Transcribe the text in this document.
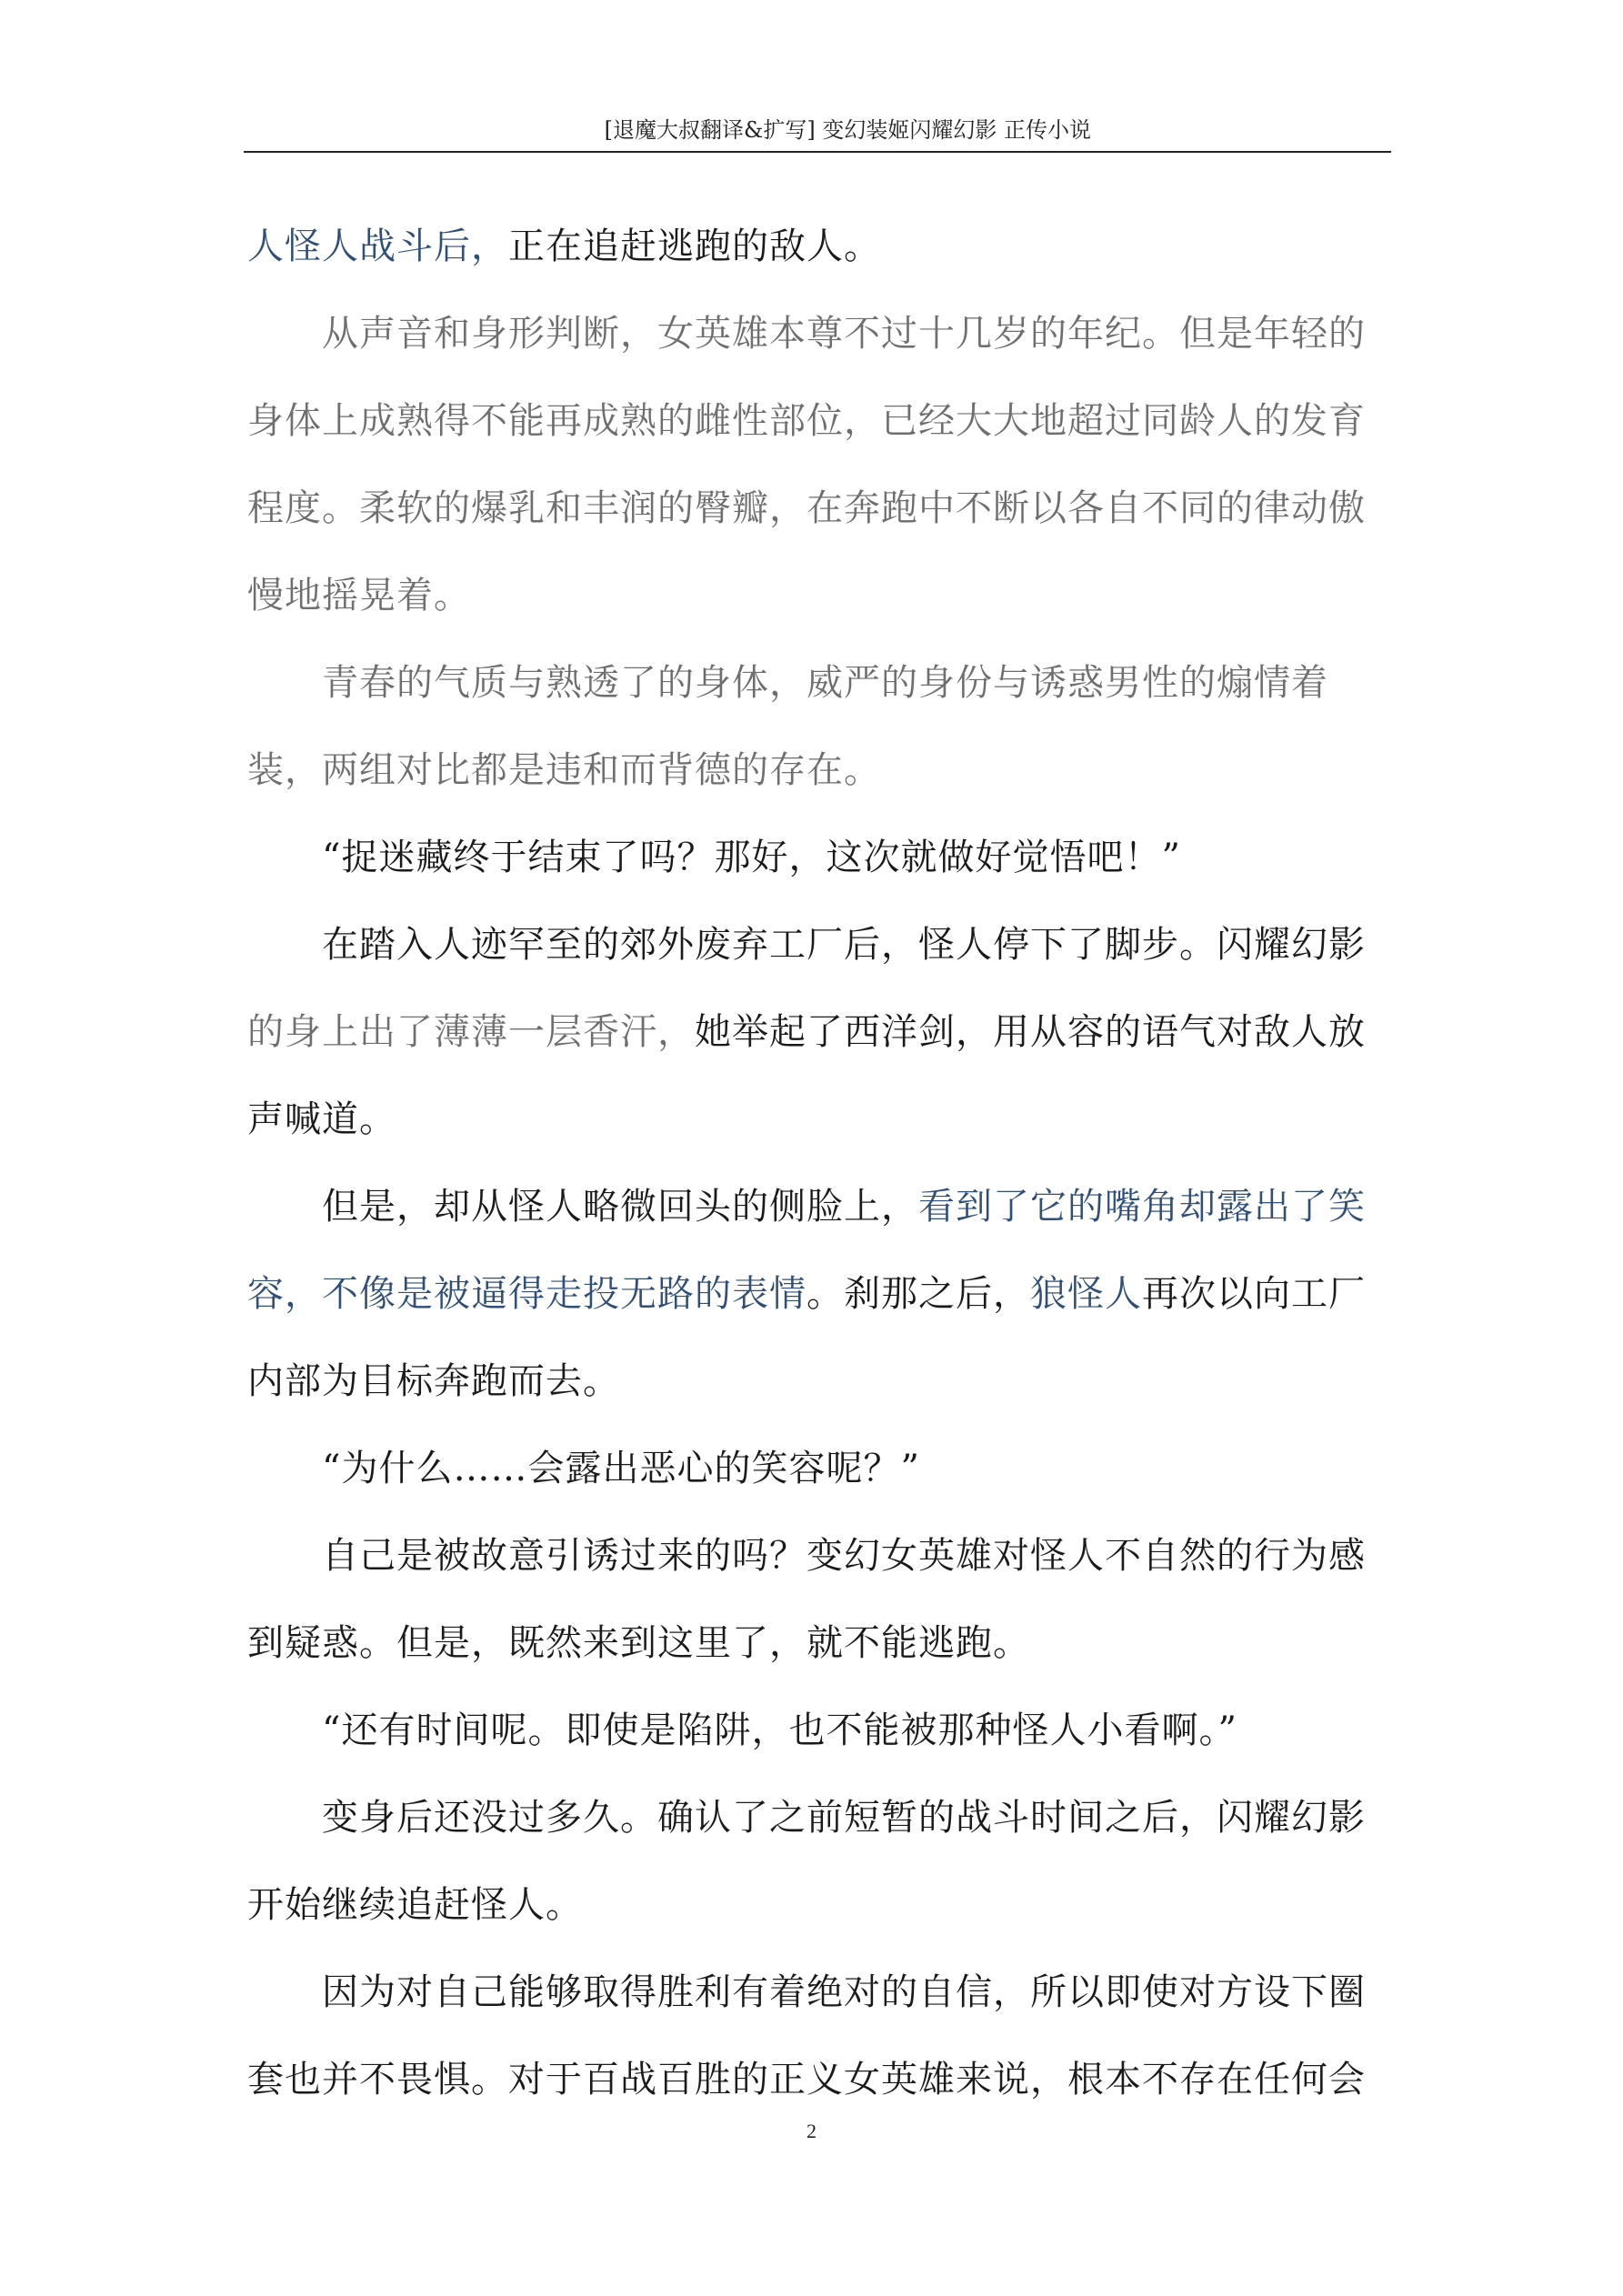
[退魔大叔翻译&扩写] 变幻装姬闪耀幻影 正传小说

人怪人战斗后，正在追赶逃跑的敌人。

从声音和身形判断，女英雄本尊不过十几岁的年纪。但是年轻的身体上成熟得不能再成熟的雌性部位，已经大大地超过同龄人的发育程度。柔软的爆乳和丰润的臀瓣，在奔跑中不断以各自不同的律动傲慢地摇晃着。

青春的气质与熟透了的身体，威严的身份与诱惑男性的煽情着装，两组对比都是违和而背德的存在。

“捉迷藏终于结束了吗？那好，这次就做好觉悟吧！”

在踏入人迹罕至的郊外废弃工厂后，怪人停下了脚步。闪耀幻影的身上出了薄薄一层香汗，她举起了西洋剑，用从容的语气对敌人放声喊道。

但是，却从怪人略微回头的侧脸上，看到了它的嘴角却露出了笑容，不像是被逼得走投无路的表情。刹那之后，狼怪人再次以向工厂内部为目标奔跑而去。

“为什么……会露出恶心的笑容呢？”

自己是被故意引诱过来的吗？变幻女英雄对怪人不自然的行为感到疑惑。但是，既然来到这里了，就不能逃跑。

“还有时间呢。即使是陷阱，也不能被那种怪人小看啊。”

变身后还没过多久。确认了之前短暂的战斗时间之后，闪耀幻影开始继续追赶怪人。

因为对自己能够取得胜利有着绝对的自信，所以即使对方设下圈套也并不畏惧。对于百战百胜的正义女英雄来说，根本不存在任何会

2
